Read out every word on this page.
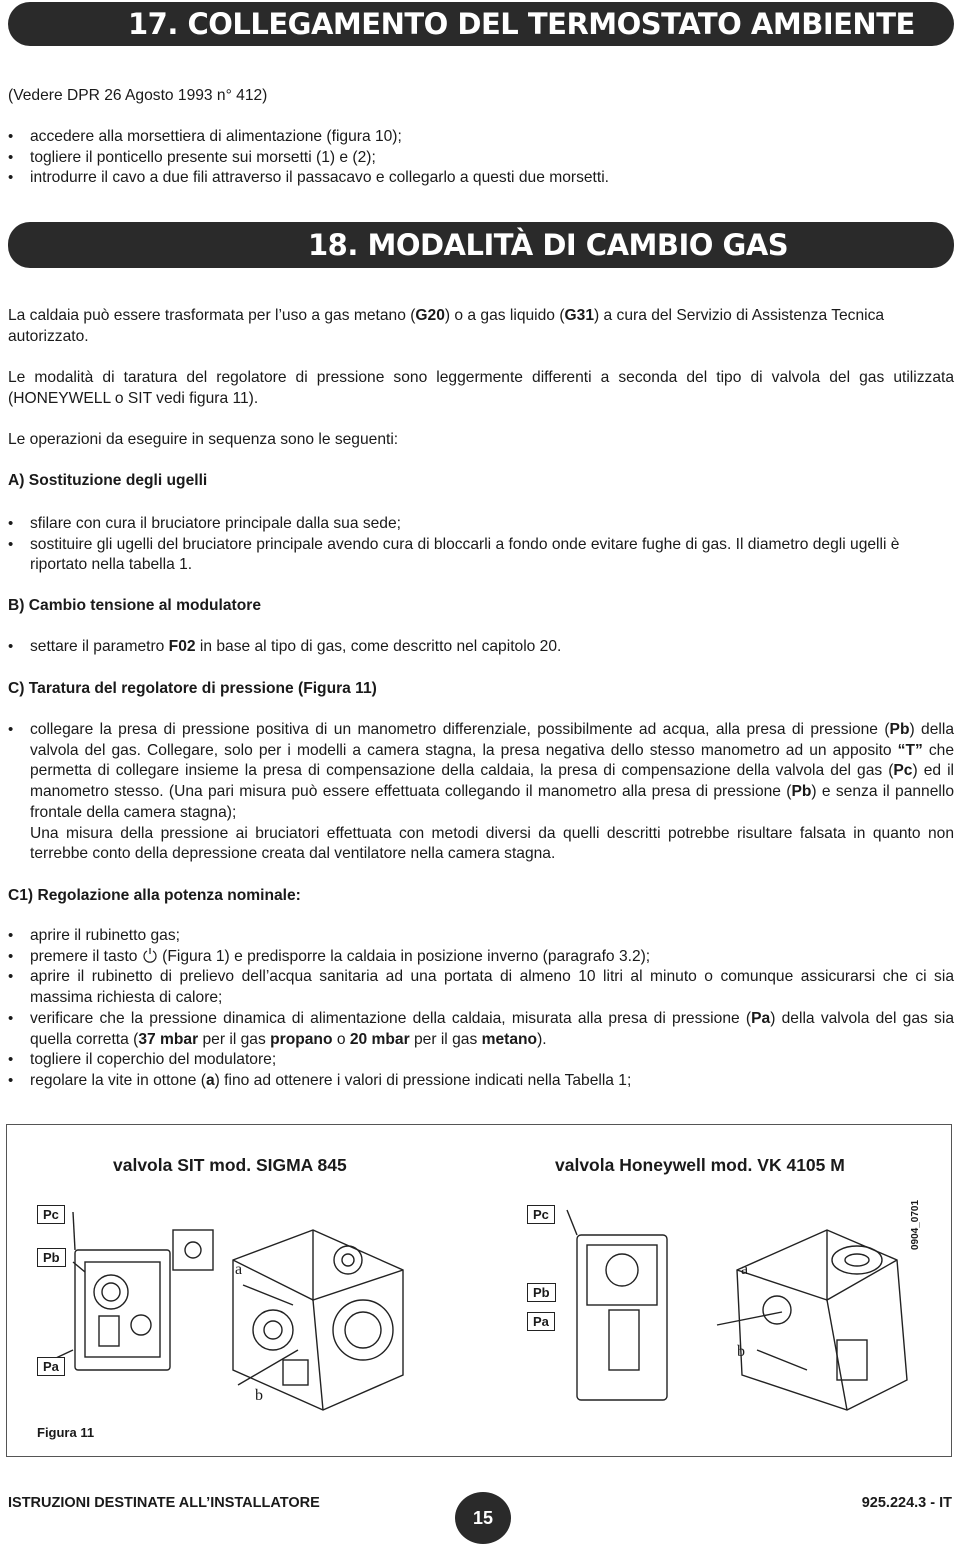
17. COLLEGAMENTO DEL TERMOSTATO AMBIENTE
(Vedere DPR 26 Agosto 1993 n° 412)
• accedere alla morsettiera di alimentazione (figura 10);
• togliere il ponticello presente sui morsetti (1) e (2);
• introdurre il cavo a due fili attraverso il passacavo e collegarlo a questi due morsetti.
18. MODALITÀ DI CAMBIO GAS
La caldaia può essere trasformata per l’uso a gas metano (G20) o a gas liquido (G31) a cura del Servizio di Assistenza Tecnica autorizzato.
Le modalità di taratura del regolatore di pressione sono leggermente differenti a seconda del tipo di valvola del gas utilizzata (HONEYWELL o SIT vedi figura 11).
Le operazioni da eseguire in sequenza sono le seguenti:
A) Sostituzione degli ugelli
• sfilare con cura il bruciatore principale dalla sua sede;
• sostituire gli ugelli del bruciatore principale avendo cura di bloccarli a fondo onde evitare fughe di gas. Il diametro degli ugelli è riportato nella tabella 1.
B) Cambio tensione al modulatore
• settare il parametro F02 in base al tipo di gas, come descritto nel capitolo 20.
C) Taratura del regolatore di pressione (Figura 11)
• collegare la presa di pressione positiva di un manometro differenziale, possibilmente ad acqua, alla presa di pressione (Pb) della valvola del gas. Collegare, solo per i modelli a camera stagna, la presa negativa dello stesso manometro ad un apposito “T” che permetta di collegare insieme la presa di compensazione della caldaia, la presa di compensazione della valvola del gas (Pc) ed il manometro stesso. (Una pari misura può essere effettuata collegando il manometro alla presa di pressione (Pb) e senza il pannello frontale della camera stagna);
Una misura della pressione ai bruciatori effettuata con metodi diversi da quelli descritti potrebbe risultare falsata in quanto non terrebbe conto della depressione creata dal ventilatore nella camera stagna.
C1) Regolazione alla potenza nominale:
• aprire il rubinetto gas;
• premere il tasto  (Figura 1) e predisporre la caldaia in posizione inverno (paragrafo 3.2);
• aprire il rubinetto di prelievo dell’acqua sanitaria ad una portata di almeno 10 litri al minuto o comunque assicurarsi che ci sia massima richiesta di calore;
• verificare che la pressione dinamica di alimentazione della caldaia, misurata alla presa di pressione (Pa) della valvola del gas sia quella corretta (37 mbar per il gas propano o 20 mbar per il gas metano).
• togliere il coperchio del modulatore;
• regolare la vite in ottone (a) fino ad ottenere i valori di pressione indicati nella Tabella 1;
valvola SIT mod. SIGMA 845	valvola Honeywell mod. VK 4105 M
Pc
Pb
Pa
a
b
Pc
Pb
Pa
a
b
0904_0701
Figura 11
ISTRUZIONI DESTINATE ALL’INSTALLATORE
15
925.224.3 - IT
